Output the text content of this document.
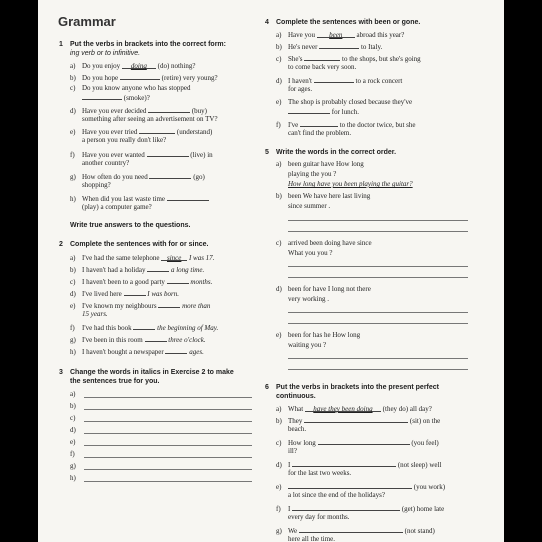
Grammar
1 Put the verbs in brackets into the correct form:
ing verb or to infinitive.
a) Do you enjoy doing (do) nothing?
b) Do you hope	(retire) very young?
c) Do you know anyone who has stopped
(smoke)?
d) Have you ever decided	(buy)
something after seeing an advertisement on TV?
e) Have you ever tried	(understand)
a person you really don't like?
f) Have you ever wanted	(live) in
another country?
g) How often do you need	(go)
shopping?
h) When did you last waste time
(play) a computer game?
Write true answers to the questions.
2 Complete the sentences with for or since.
a) I've had the same telephone since I was 17.
b) I haven't had a holiday	a long time.
c) I haven't been to a good party	months.
d) I've lived here	I was born.
e) I've known my neighbours	more than
15 years.
f) I've had this book	the beginning of May.
g) I've been in this room	three o'clock.
h) I haven't bought a newspaper	ages.
3 Change the words in italics in Exercise 2 to make
the sentences true for you.
a)
b)
c)
d)
e)
f)
g)
h)
4 Complete the sentences with been or gone.
a) Have you been abroad this year?
b) He's never	to Italy.
c) She's	to the shops, but she's going
to come back very soon.
d) I haven't	to a rock concert
for ages.
e) The shop is probably closed because they've
for lunch.
f) I've	to the doctor twice, but she
can't find the problem.
5 Write the words in the correct order.
a) been guitar have How long
playing the you ?
How long have you been playing the guitar?
b) been We have here last living
since summer .
c) arrived been doing have since
What you you ?
d) been for have I long not there
very working .
e) been for has he How long
waiting you ?
6 Put the verbs in brackets into the present perfect
continuous.
a) What have they been doing (they do) all day?
b) They	(sit) on the
beach.
c) How long	(you feel)
ill?
d) I	(not sleep) well
for the last two weeks.
e)	(you work)
a lot since the end of the holidays?
f) I	(get) home late
every day for months.
g) We	(not stand)
here all the time.
